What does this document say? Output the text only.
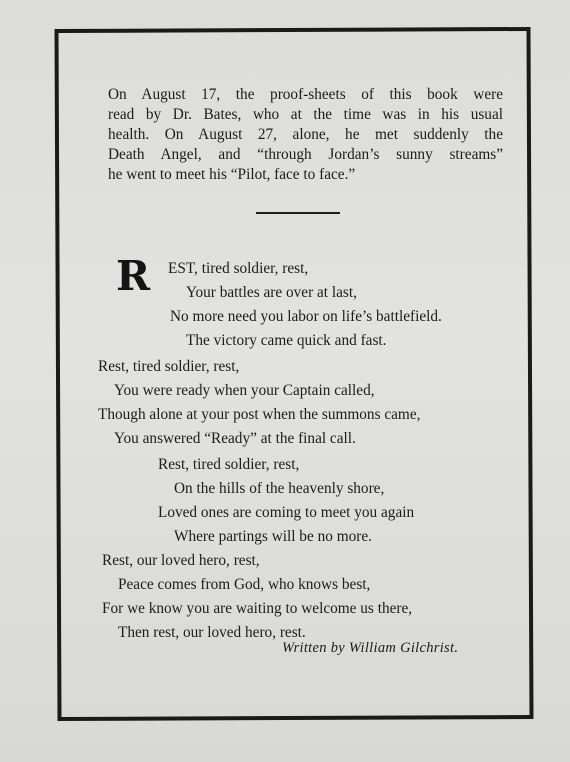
On August 17, the proof-sheets of this book were
read by Dr. Bates, who at the time was in his usual
health. On August 27, alone, he met suddenly the
Death Angel, and “through Jordan’s sunny streams”
he went to meet his “Pilot, face to face.”
R	EST, tired soldier, rest,
Your battles are over at last,
No more need you labor on life’s battlefield.
The victory came quick and fast.
Rest, tired soldier, rest,
You were ready when your Captain called,
Though alone at your post when the summons came,
You answered “Ready” at the final call.
Rest, tired soldier, rest,
On the hills of the heavenly shore,
Loved ones are coming to meet you again
Where partings will be no more.
Rest, our loved hero, rest,
Peace comes from God, who knows best,
For we know you are waiting to welcome us there,
Then rest, our loved hero, rest.

Written by William Gilchrist.
